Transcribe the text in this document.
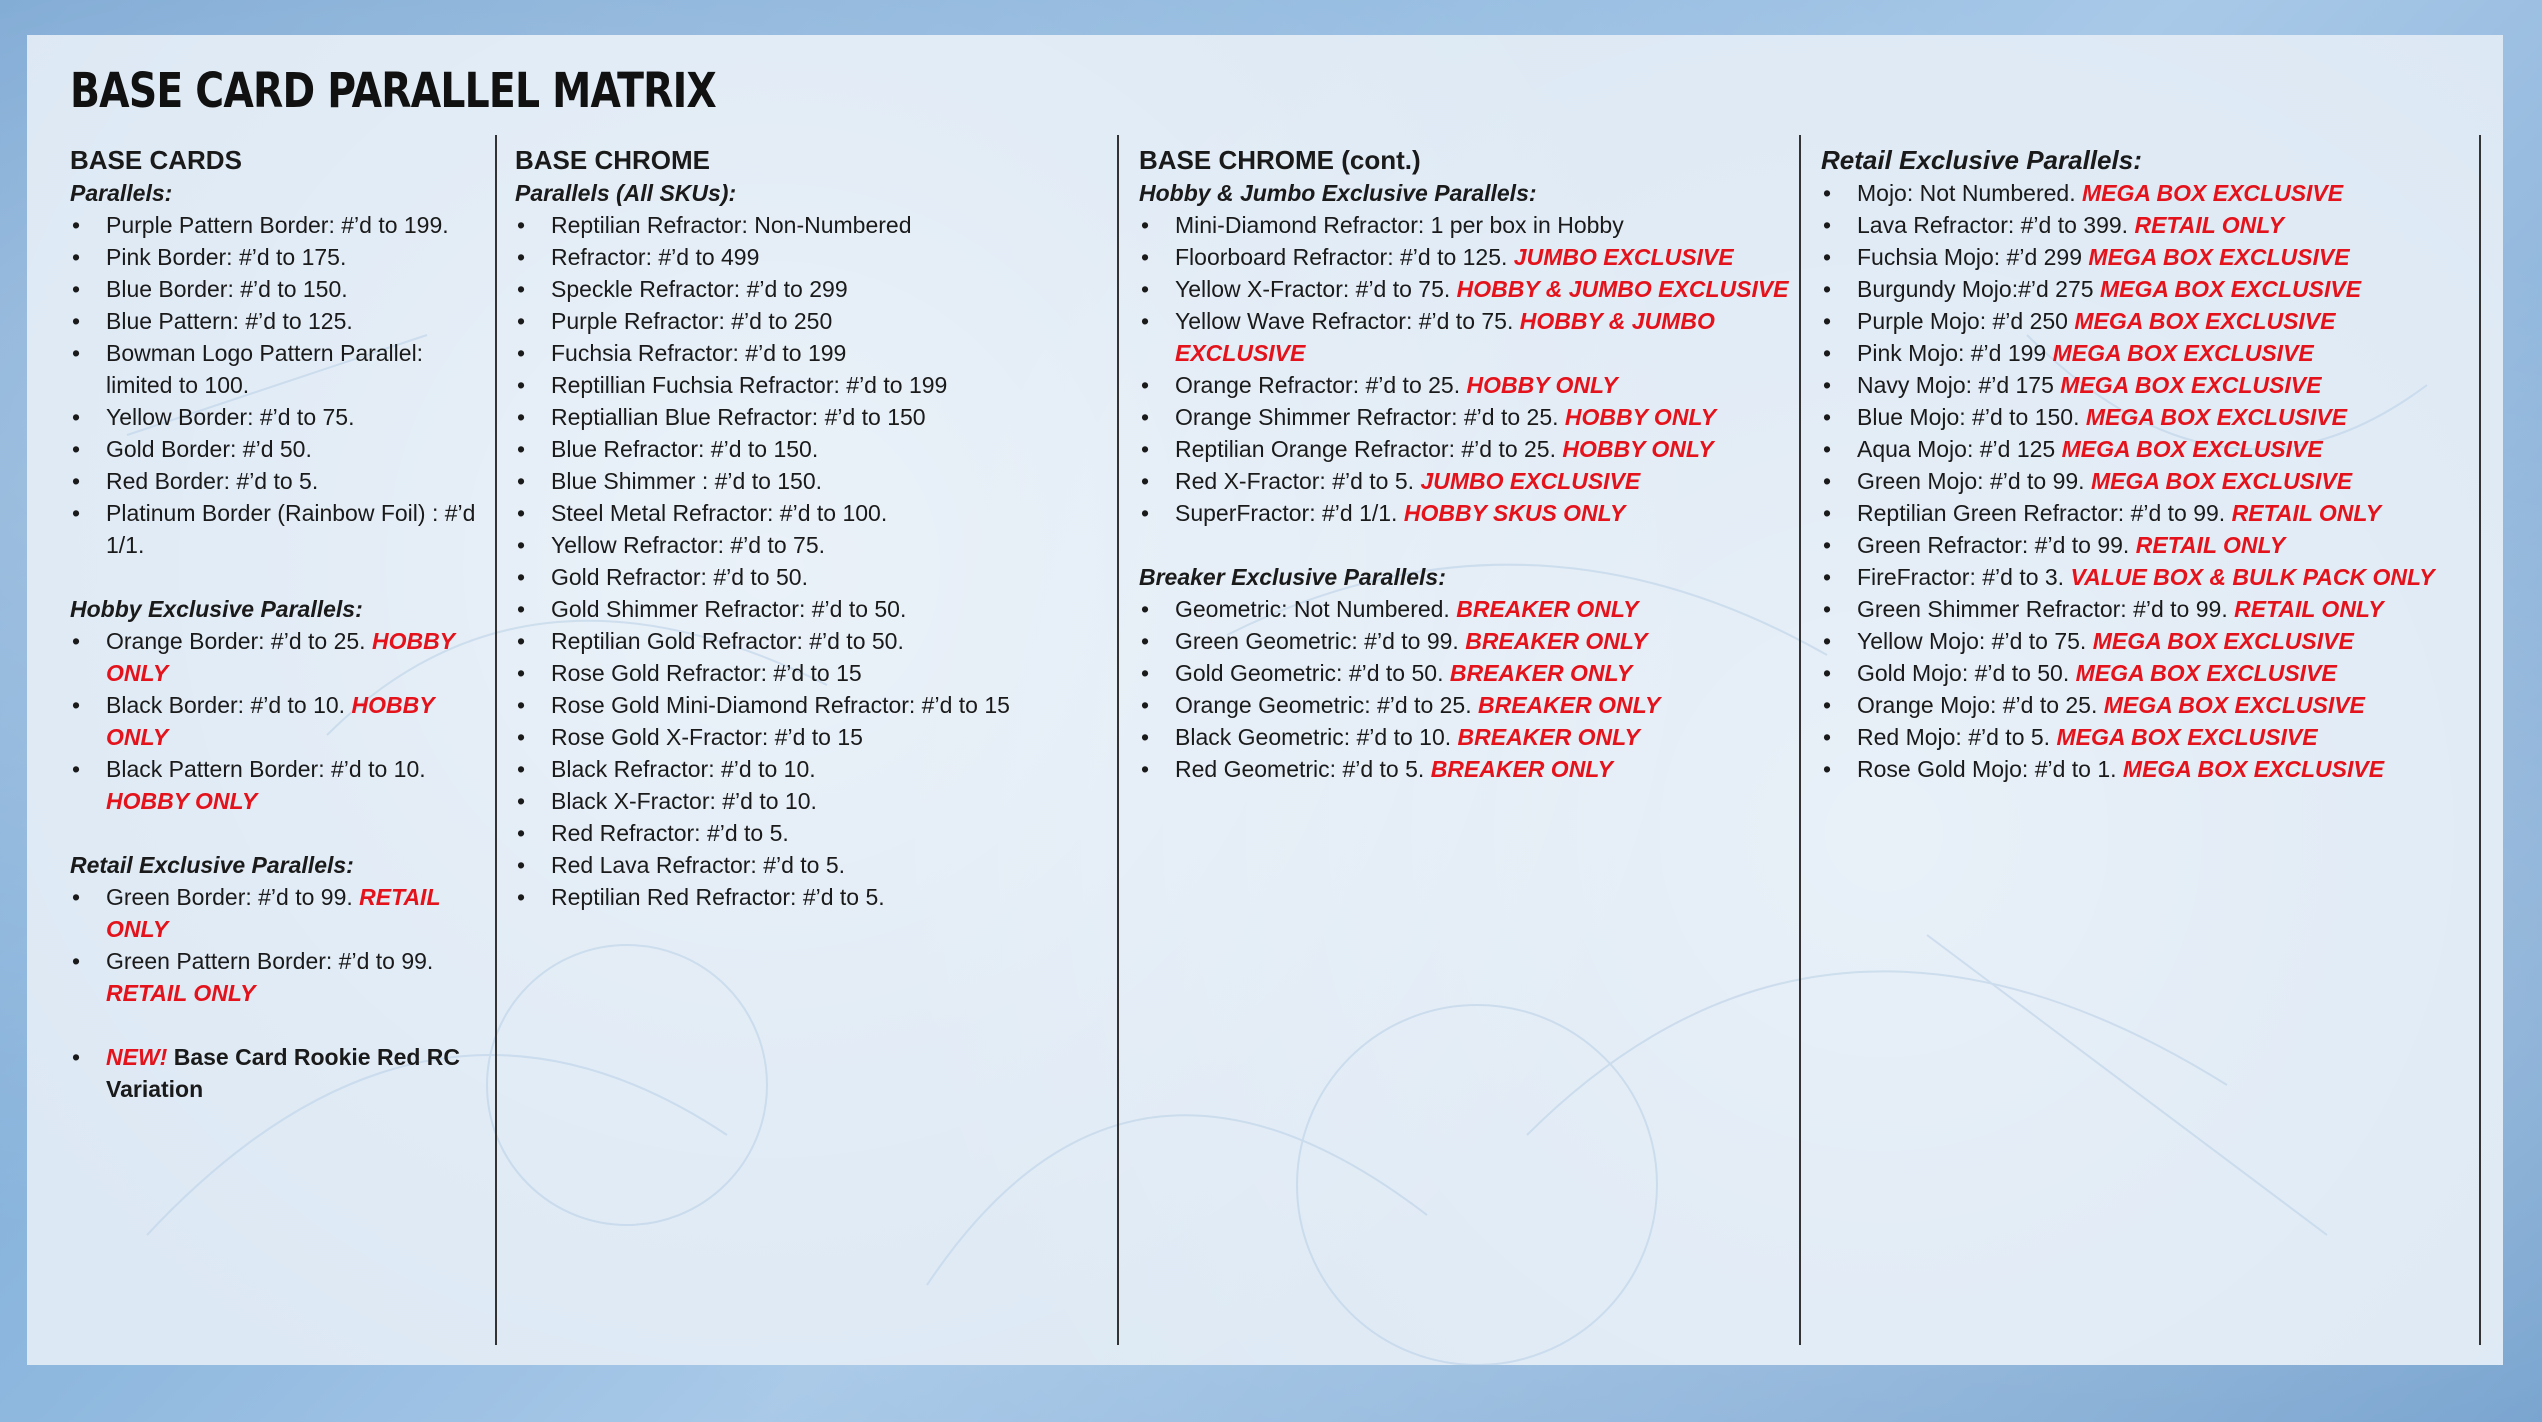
BASE CARD PARALLEL MATRIX

BASE CARDS

Parallels:

• Purple Pattern Border: #’d to 199.
• Pink Border: #’d to 175.
• Blue Border: #’d to 150.
• Blue Pattern: #’d to 125.
• Bowman Logo Pattern Parallel: limited to 100.
• Yellow Border: #’d to 75.
• Gold Border: #’d 50.
• Red Border: #’d to 5.
• Platinum Border (Rainbow Foil) : #’d 1/1.

Hobby Exclusive Parallels:

• Orange Border: #’d to 25. HOBBY ONLY
• Black Border: #’d to 10. HOBBY ONLY
• Black Pattern Border: #’d to 10. HOBBY ONLY

Retail Exclusive Parallels:

• Green Border: #’d to 99. RETAIL ONLY
• Green Pattern Border: #’d to 99. RETAIL ONLY
• NEW! Base Card Rookie Red RC Variation

BASE CHROME

Parallels (All SKUs):

• Reptilian Refractor: Non-Numbered
• Refractor: #’d to 499
• Speckle Refractor: #’d to 299
• Purple Refractor: #’d to 250
• Fuchsia Refractor: #’d to 199
• Reptillian Fuchsia Refractor: #’d to 199
• Reptiallian Blue Refractor: #’d to 150
• Blue Refractor: #’d to 150.
• Blue Shimmer : #’d to 150.
• Steel Metal Refractor: #’d to 100.
• Yellow Refractor: #’d to 75.
• Gold Refractor: #’d to 50.
• Gold Shimmer Refractor: #’d to 50.
• Reptilian Gold Refractor: #’d to 50.
• Rose Gold Refractor: #’d to 15
• Rose Gold Mini-Diamond Refractor: #’d to 15
• Rose Gold X-Fractor: #’d to 15
• Black Refractor: #’d to 10.
• Black X-Fractor: #’d to 10.
• Red Refractor: #’d to 5.
• Red Lava Refractor: #’d to 5.
• Reptilian Red Refractor: #’d to 5.

BASE CHROME (cont.)

Hobby & Jumbo Exclusive Parallels:

• Mini-Diamond Refractor: 1 per box in Hobby
• Floorboard Refractor: #’d to 125. JUMBO EXCLUSIVE
• Yellow X-Fractor: #’d to 75. HOBBY & JUMBO EXCLUSIVE
• Yellow Wave Refractor: #’d to 75. HOBBY & JUMBO EXCLUSIVE
• Orange Refractor: #’d to 25. HOBBY ONLY
• Orange Shimmer Refractor: #’d to 25. HOBBY ONLY
• Reptilian Orange Refractor: #’d to 25. HOBBY ONLY
• Red X-Fractor: #’d to 5. JUMBO EXCLUSIVE
• SuperFractor: #’d 1/1. HOBBY SKUS ONLY

Breaker Exclusive Parallels:

• Geometric: Not Numbered. BREAKER ONLY
• Green Geometric: #’d to 99. BREAKER ONLY
• Gold Geometric: #’d to 50. BREAKER ONLY
• Orange Geometric: #’d to 25. BREAKER ONLY
• Black Geometric: #’d to 10. BREAKER ONLY
• Red Geometric: #’d to 5. BREAKER ONLY

Retail Exclusive Parallels:

• Mojo: Not Numbered. MEGA BOX EXCLUSIVE
• Lava Refractor: #’d to 399. RETAIL ONLY
• Fuchsia Mojo: #’d 299 MEGA BOX EXCLUSIVE
• Burgundy Mojo:#’d 275 MEGA BOX EXCLUSIVE
• Purple Mojo: #’d 250 MEGA BOX EXCLUSIVE
• Pink Mojo: #’d 199 MEGA BOX EXCLUSIVE
• Navy Mojo: #’d 175 MEGA BOX EXCLUSIVE
• Blue Mojo: #’d to 150. MEGA BOX EXCLUSIVE
• Aqua Mojo: #’d 125 MEGA BOX EXCLUSIVE
• Green Mojo: #’d to 99. MEGA BOX EXCLUSIVE
• Reptilian Green Refractor: #’d to 99. RETAIL ONLY
• Green Refractor: #’d to 99. RETAIL ONLY
• FireFractor: #’d to 3. VALUE BOX & BULK PACK ONLY
• Green Shimmer Refractor: #’d to 99. RETAIL ONLY
• Yellow Mojo: #’d to 75. MEGA BOX EXCLUSIVE
• Gold Mojo: #’d to 50. MEGA BOX EXCLUSIVE
• Orange Mojo: #’d to 25. MEGA BOX EXCLUSIVE
• Red Mojo: #’d to 5. MEGA BOX EXCLUSIVE
• Rose Gold Mojo: #’d to 1. MEGA BOX EXCLUSIVE
